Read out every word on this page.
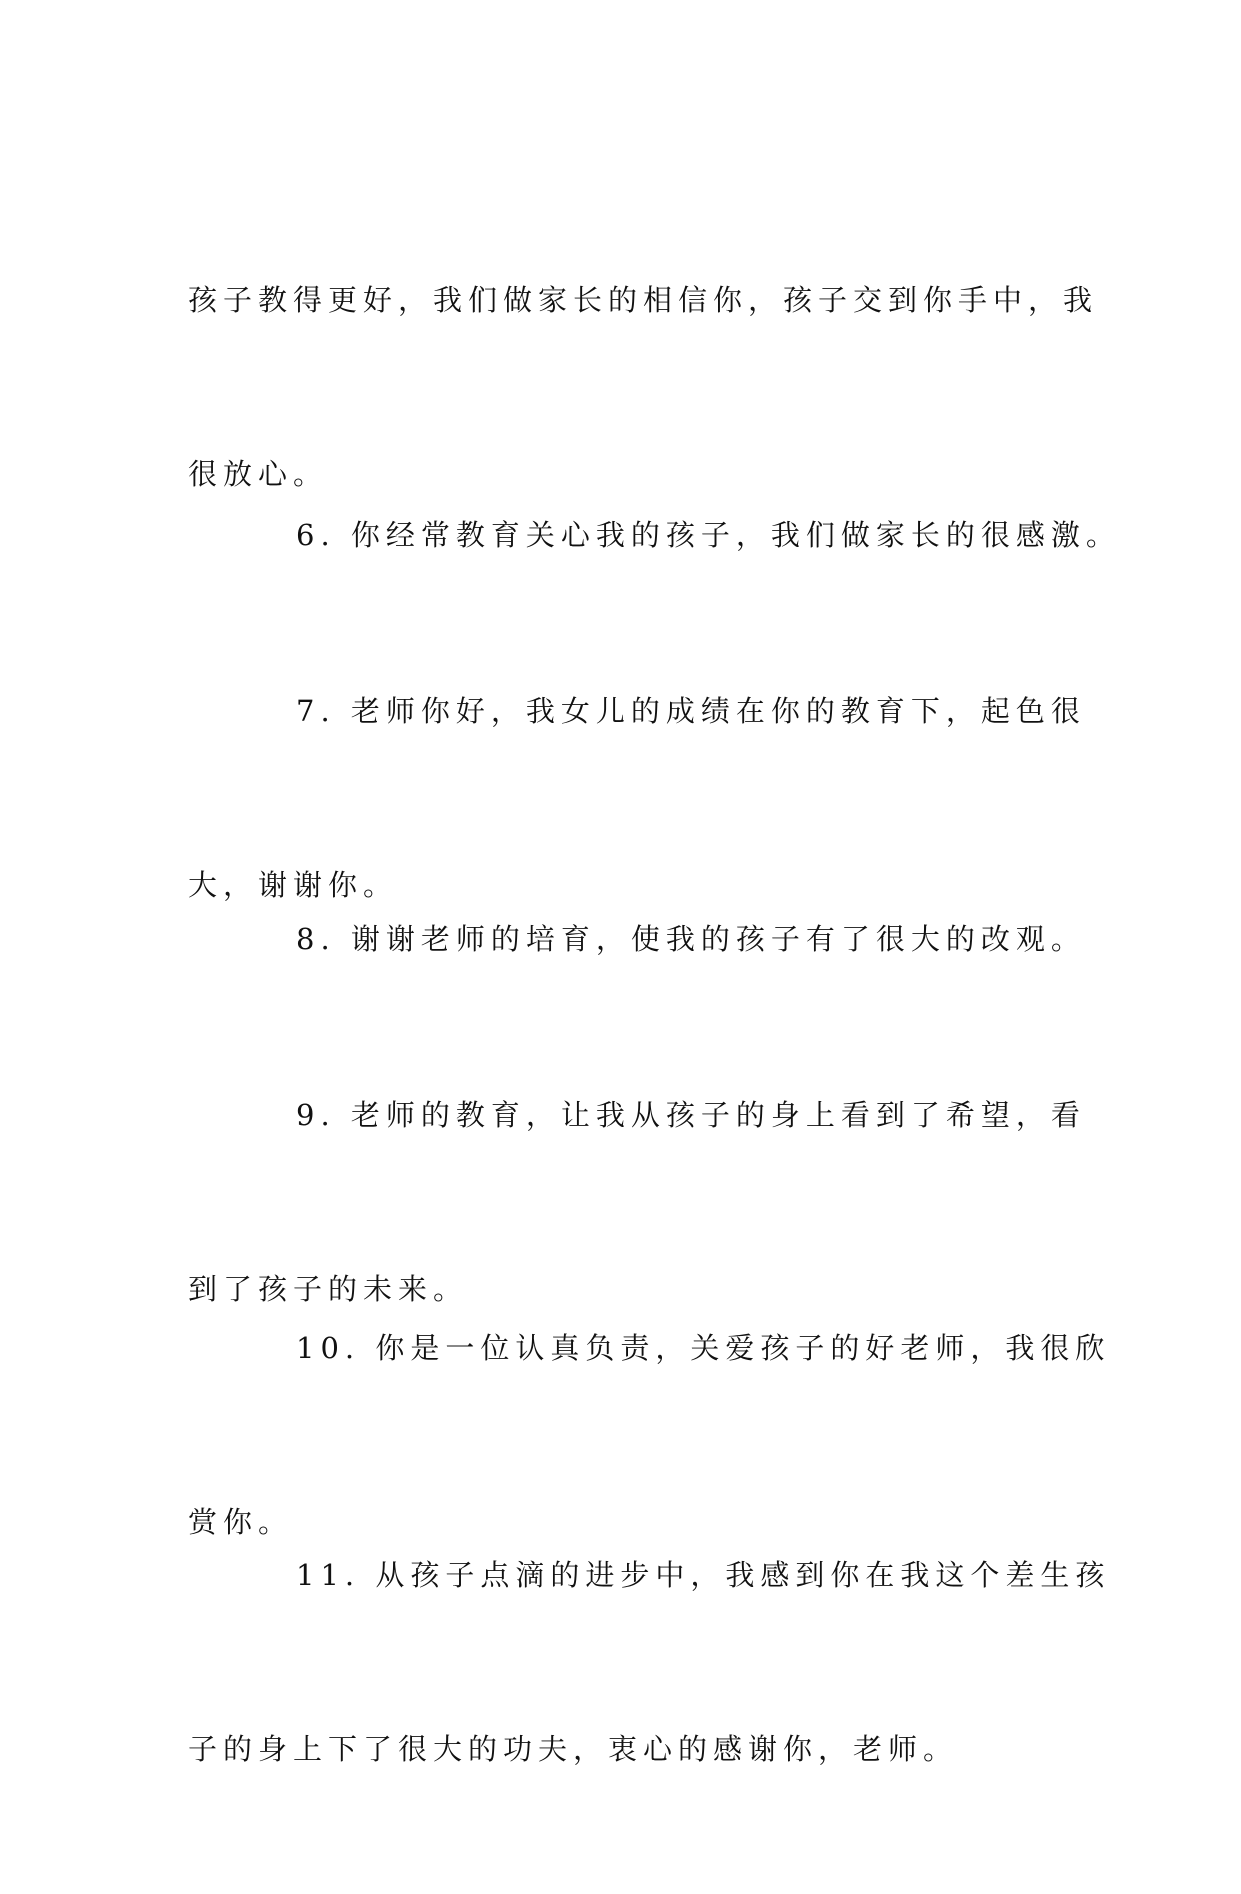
孩子教得更好，我们做家长的相信你，孩子交到你手中，我

很放心。

6. 你经常教育关心我的孩子，我们做家长的很感激。

7. 老师你好，我女儿的成绩在你的教育下，起色很

大，谢谢你。

8. 谢谢老师的培育，使我的孩子有了很大的改观。

9. 老师的教育，让我从孩子的身上看到了希望，看

到了孩子的未来。

10. 你是一位认真负责，关爱孩子的好老师，我很欣

赏你。

11. 从孩子点滴的进步中，我感到你在我这个差生孩

子的身上下了很大的功夫，衷心的感谢你，老师。
